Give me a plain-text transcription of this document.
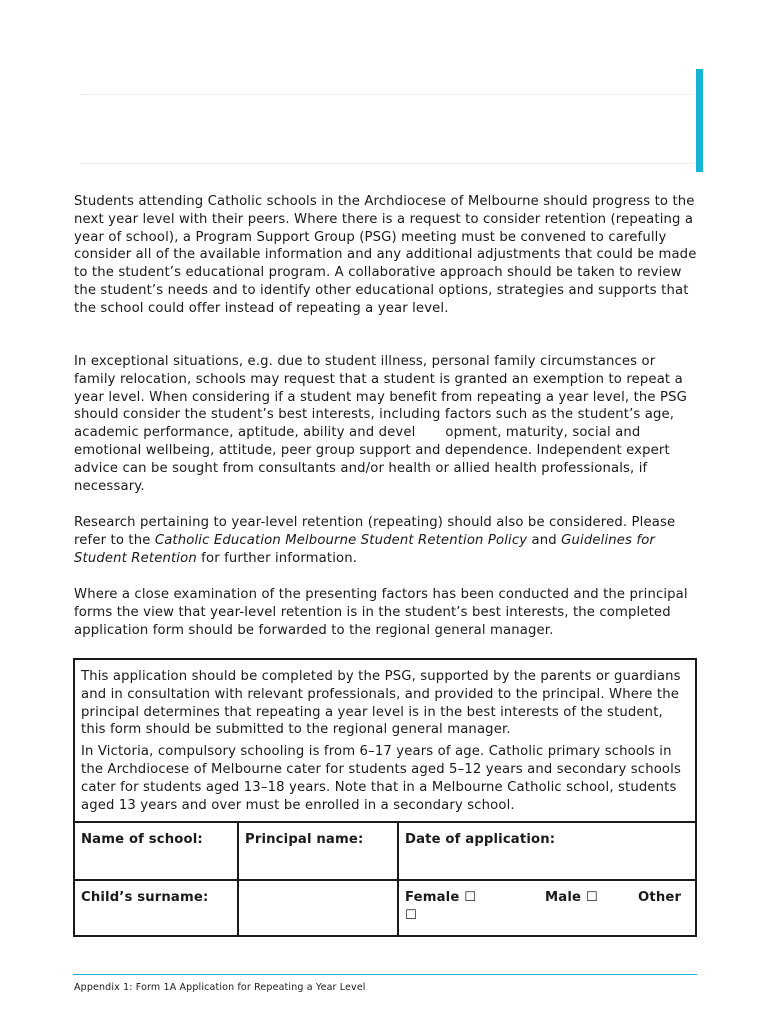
Students attending Catholic schools in the Archdiocese of Melbourne should progress to the next year level with their peers. Where there is a request to consider retention (repeating a year of school), a Program Support Group (PSG) meeting must be convened to carefully consider all of the available information and any additional adjustments that could be made to the student’s educational program. A collaborative approach should be taken to review the student’s needs and to identify other educational options, strategies and supports that the school could offer instead of repeating a year level.

In exceptional situations, e.g. due to student illness, personal family circumstances or family relocation, schools may request that a student is granted an exemption to repeat a year level. When considering if a student may benefit from repeating a year level, the PSG should consider the student’s best interests, including factors such as the student’s age, academic performance, aptitude, ability and devel opment, maturity, social and emotional wellbeing, attitude, peer group support and dependence. Independent expert advice can be sought from consultants and/or health or allied health professionals, if necessary.

Research pertaining to year-level retention (repeating) should also be considered. Please refer to the Catholic Education Melbourne Student Retention Policy and Guidelines for Student Retention for further information.

Where a close examination of the presenting factors has been conducted and the principal forms the view that year-level retention is in the student’s best interests, the completed application form should be forwarded to the regional general manager.

This application should be completed by the PSG, supported by the parents or guardians and in consultation with relevant professionals, and provided to the principal. Where the principal determines that repeating a year level is in the best interests of the student, this form should be submitted to the regional general manager.

In Victoria, compulsory schooling is from 6–17 years of age. Catholic primary schools in the Archdiocese of Melbourne cater for students aged 5–12 years and secondary schools cater for students aged 13–18 years. Note that in a Melbourne Catholic school, students aged 13 years and over must be enrolled in a secondary school.		

Name of school:	Principal name:	Date of application:
Child’s surname:		Female ☐ Male ☐ Other
☐
Appendix 1: Form 1A Application for Repeating a Year Level
